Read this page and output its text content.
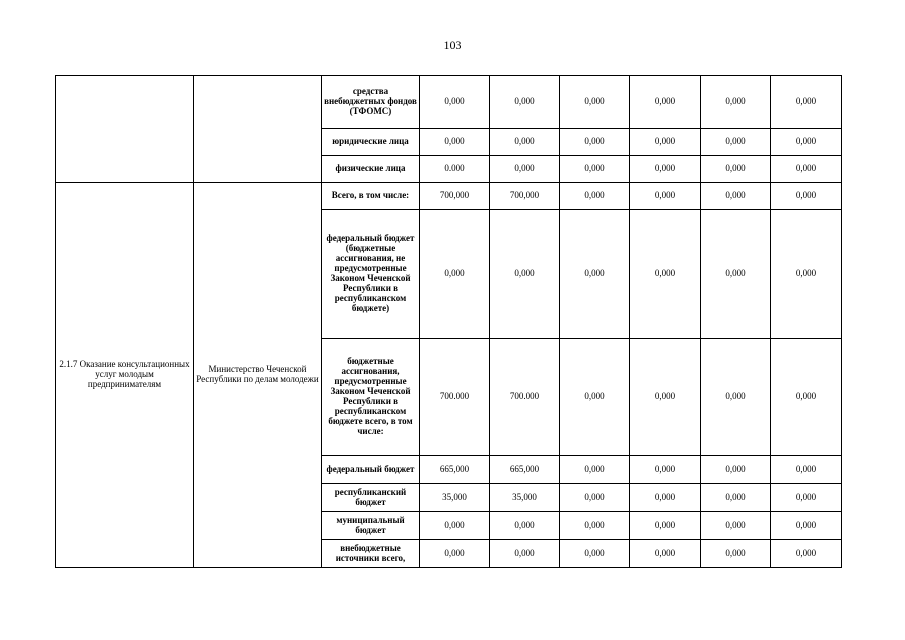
103
		средства внебюджетных фондов (ТФОМС)	0,000	0,000	0,000	0,000	0,000	0,000
		юридические лица	0,000	0,000	0,000	0,000	0,000	0,000
		физические лица	0.000	0,000	0,000	0,000	0,000	0,000
2.1.7 Оказание консультационных услуг молодым предпринимателям	Министерство Чеченской Республики по делам молодежи	Всего, в том числе:	700,000	700,000	0,000	0,000	0,000	0,000
		федеральный бюджет (бюджетные ассигнования, не предусмотренные Законом Чеченской Республики в республиканском бюджете)	0,000	0,000	0,000	0,000	0,000	0,000
		бюджетные ассигнования, предусмотренные Законом Чеченской Республики в республиканском бюджете всего, в том числе:	700.000	700.000	0,000	0,000	0,000	0,000
		федеральный бюджет	665,000	665,000	0,000	0,000	0,000	0,000
		республиканский бюджет	35,000	35,000	0,000	0,000	0,000	0,000
		муниципальный бюджет	0,000	0,000	0,000	0,000	0,000	0,000
		внебюджетные источники всего,	0,000	0,000	0,000	0,000	0,000	0,000
